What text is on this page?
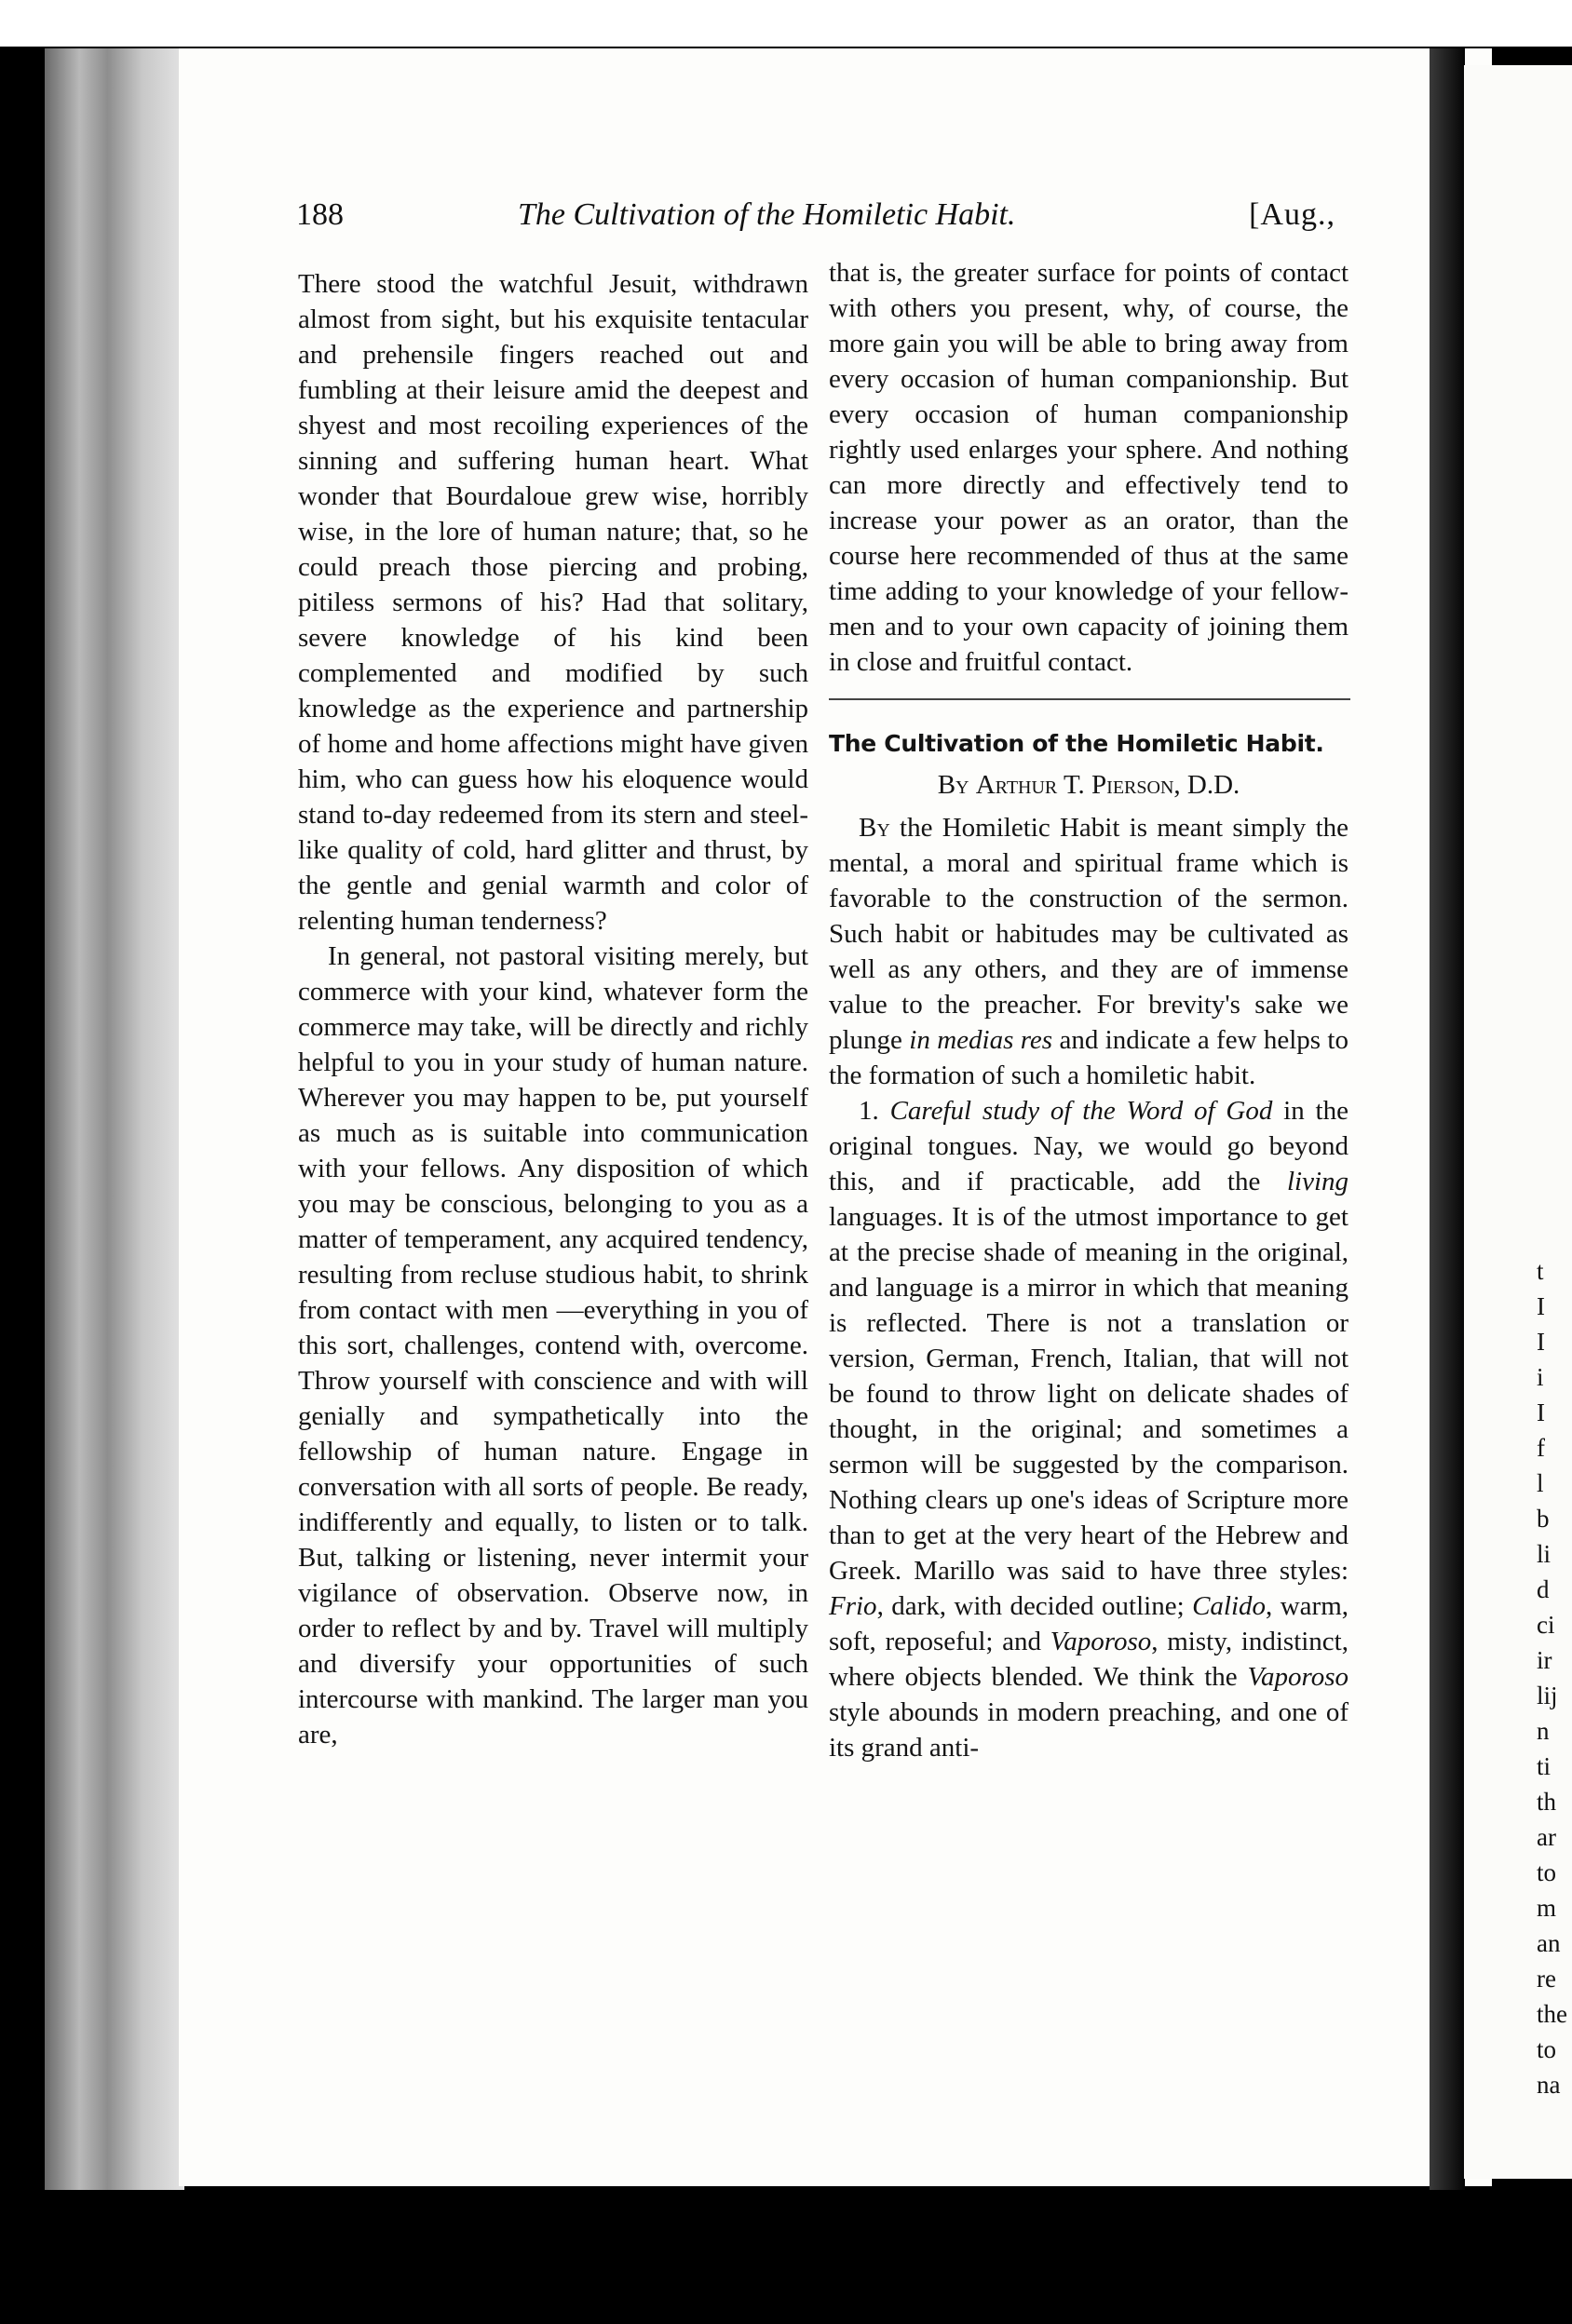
t
I
I
i
I
f
l
b
li
d
ci
ir
lij
n
ti
th
ar
to
m
an
re
the
to
na
188	The Cultivation of the Homiletic Habit.	[Aug.,

There stood the watchful Jesuit, withdrawn almost from sight, but his exquisite tentacular and prehensile fingers reached out and fumbling at their leisure amid the deepest and shyest and most recoiling experiences of the sinning and suffering human heart. What wonder that Bourdaloue grew wise, horribly wise, in the lore of human nature; that, so he could preach those piercing and probing, pitiless sermons of his? Had that solitary, severe knowledge of his kind been complemented and modified by such knowledge as the experience and partnership of home and home affections might have given him, who can guess how his eloquence would stand to-day redeemed from its stern and steel-like quality of cold, hard glitter and thrust, by the gentle and genial warmth and color of relenting human tenderness?

In general, not pastoral visiting merely, but commerce with your kind, whatever form the commerce may take, will be directly and richly helpful to you in your study of human nature. Wherever you may happen to be, put yourself as much as is suitable into communication with your fellows. Any disposition of which you may be conscious, belonging to you as a matter of temperament, any acquired tendency, resulting from recluse studious habit, to shrink from contact with men —everything in you of this sort, challenges, contend with, overcome. Throw yourself with conscience and with will genially and sympathetically into the fellowship of human nature. Engage in conversation with all sorts of people. Be ready, indifferently and equally, to listen or to talk. But, talking or listening, never intermit your vigilance of observation. Observe now, in order to reflect by and by. Travel will multiply and diversify your opportunities of such intercourse with mankind. The larger man you are,

that is, the greater surface for points of contact with others you present, why, of course, the more gain you will be able to bring away from every occasion of human companionship. But every occasion of human companionship rightly used enlarges your sphere. And nothing can more directly and effectively tend to increase your power as an orator, than the course here recommended of thus at the same time adding to your knowledge of your fellow-men and to your own capacity of joining them in close and fruitful contact.

The Cultivation of the Homiletic Habit.
By Arthur T. Pierson, D.D.

By the Homiletic Habit is meant simply the mental, a moral and spiritual frame which is favorable to the construction of the sermon. Such habit or habitudes may be cultivated as well as any others, and they are of immense value to the preacher. For brevity's sake we plunge in medias res and indicate a few helps to the formation of such a homiletic habit.

1. Careful study of the Word of God in the original tongues. Nay, we would go beyond this, and if practicable, add the living languages. It is of the utmost importance to get at the precise shade of meaning in the original, and language is a mirror in which that meaning is reflected. There is not a translation or version, German, French, Italian, that will not be found to throw light on delicate shades of thought, in the original; and sometimes a sermon will be suggested by the comparison. Nothing clears up one's ideas of Scripture more than to get at the very heart of the Hebrew and Greek. Marillo was said to have three styles: Frio, dark, with decided outline; Calido, warm, soft, reposeful; and Vaporoso, misty, indistinct, where objects blended. We think the Vaporoso style abounds in modern preaching, and one of its grand anti-
